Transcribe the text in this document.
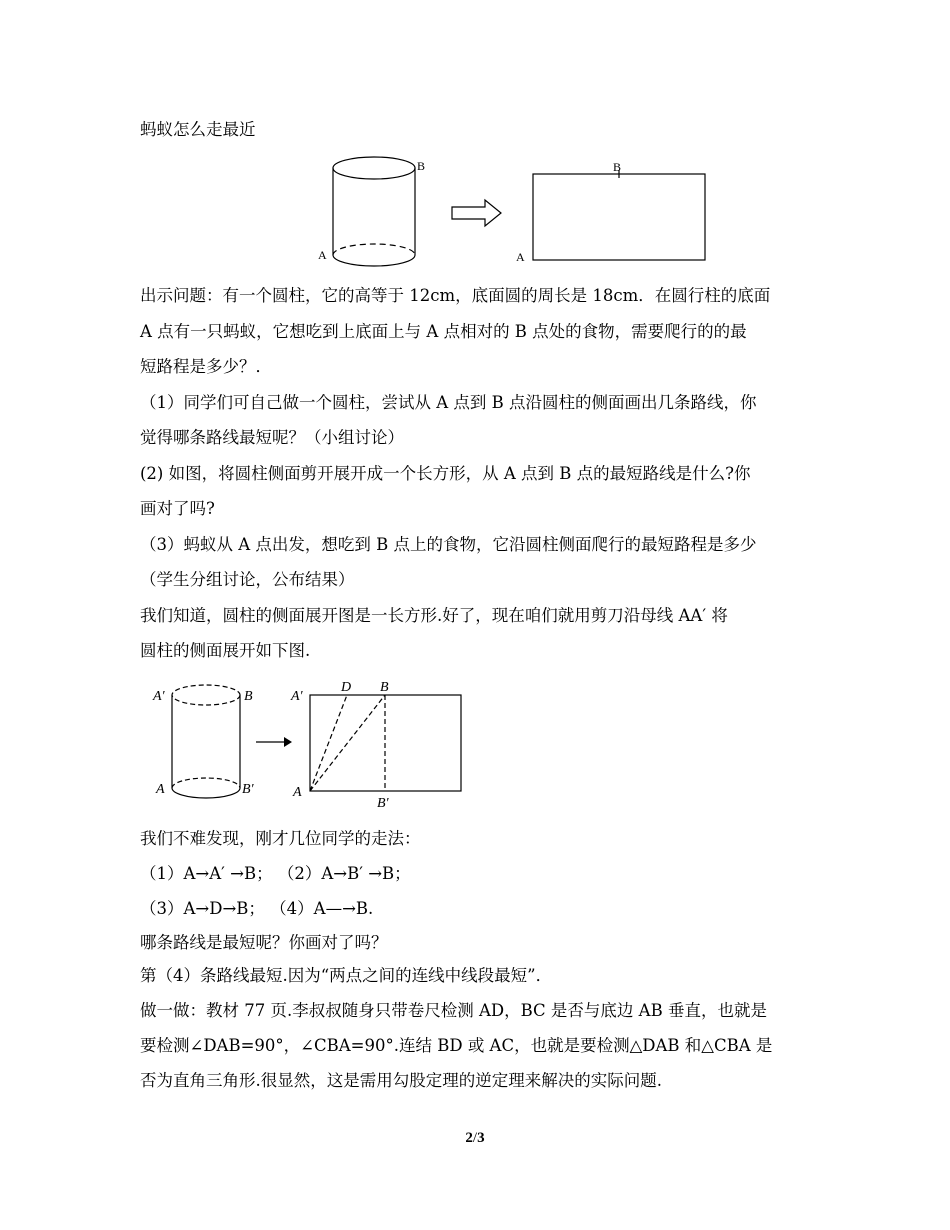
蚂蚁怎么走最近
B
A
B
A
出示问题：有一个圆柱，它的高等于 12cm，底面圆的周长是 18cm．在圆行柱的底面
A 点有一只蚂蚁，它想吃到上底面上与 A 点相对的 B 点处的食物，需要爬行的的最
短路程是多少？．
（1）同学们可自己做一个圆柱，尝试从 A 点到 B 点沿圆柱的侧面画出几条路线，你
觉得哪条路线最短呢？（小组讨论）
(2) 如图，将圆柱侧面剪开展开成一个长方形，从 A 点到 B 点的最短路线是什么?你
画对了吗?
（3）蚂蚁从 A 点出发，想吃到 B 点上的食物，它沿圆柱侧面爬行的最短路程是多少
（学生分组讨论，公布结果）
我们知道，圆柱的侧面展开图是一长方形.好了，现在咱们就用剪刀沿母线 AA′ 将
圆柱的侧面展开如下图.
A′	B
A	B′
A′
D B
A
B′
我们不难发现，刚才几位同学的走法：
（1）A→A′ →B； （2）A→B′ →B；
（3）A→D→B； （4）A—→B.
哪条路线是最短呢？你画对了吗？
第（4）条路线最短.因为“两点之间的连线中线段最短”．
做一做：教材 77 页.李叔叔随身只带卷尺检测 AD，BC 是否与底边 AB 垂直，也就是
要检测∠DAB=90°，∠CBA=90°.连结 BD 或 AC，也就是要检测△DAB 和△CBA 是
否为直角三角形.很显然，这是需用勾股定理的逆定理来解决的实际问题.
2/3
